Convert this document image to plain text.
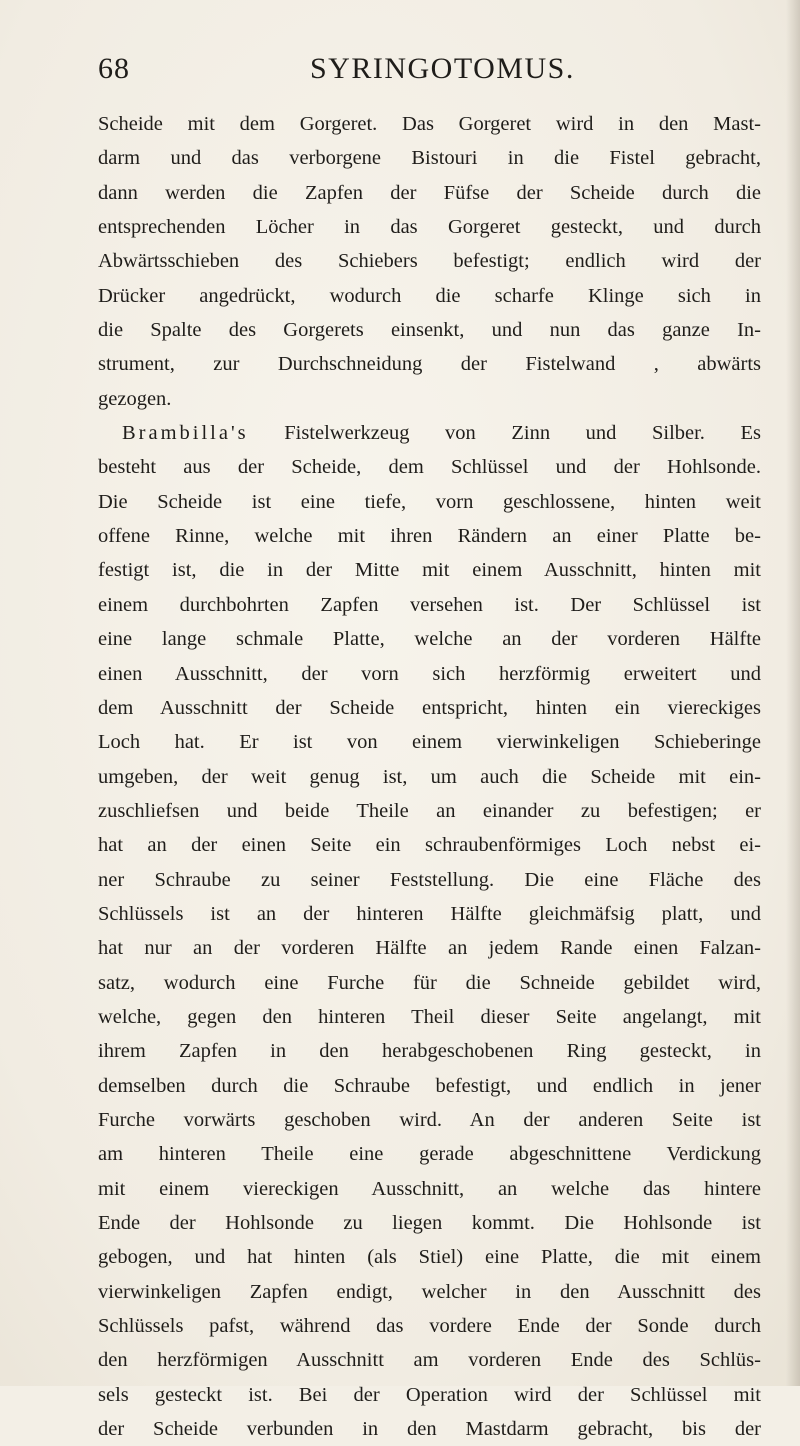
68	SYRINGOTOMUS.
Scheide mit dem Gorgeret. Das Gorgeret wird in den Mast-
darm und das verborgene Bistouri in die Fistel gebracht,
dann werden die Zapfen der Füfse der Scheide durch die
entsprechenden Löcher in das Gorgeret gesteckt, und durch
Abwärtsschieben des Schiebers befestigt; endlich wird der
Drücker angedrückt, wodurch die scharfe Klinge sich in
die Spalte des Gorgerets einsenkt, und nun das ganze In-
strument, zur Durchschneidung der Fistelwand , abwärts
gezogen.
Brambilla's Fistelwerkzeug von Zinn und Silber. Es
besteht aus der Scheide, dem Schlüssel und der Hohlsonde.
Die Scheide ist eine tiefe, vorn geschlossene, hinten weit
offene Rinne, welche mit ihren Rändern an einer Platte be-
festigt ist, die in der Mitte mit einem Ausschnitt, hinten mit
einem durchbohrten Zapfen versehen ist. Der Schlüssel ist
eine lange schmale Platte, welche an der vorderen Hälfte
einen Ausschnitt, der vorn sich herzförmig erweitert und
dem Ausschnitt der Scheide entspricht, hinten ein viereckiges
Loch hat. Er ist von einem vierwinkeligen Schieberinge
umgeben, der weit genug ist, um auch die Scheide mit ein-
zuschliefsen und beide Theile an einander zu befestigen; er
hat an der einen Seite ein schraubenförmiges Loch nebst ei-
ner Schraube zu seiner Feststellung. Die eine Fläche des
Schlüssels ist an der hinteren Hälfte gleichmäfsig platt, und
hat nur an der vorderen Hälfte an jedem Rande einen Falzan-
satz, wodurch eine Furche für die Schneide gebildet wird,
welche, gegen den hinteren Theil dieser Seite angelangt, mit
ihrem Zapfen in den herabgeschobenen Ring gesteckt, in
demselben durch die Schraube befestigt, und endlich in jener
Furche vorwärts geschoben wird. An der anderen Seite ist
am hinteren Theile eine gerade abgeschnittene Verdickung
mit einem viereckigen Ausschnitt, an welche das hintere
Ende der Hohlsonde zu liegen kommt. Die Hohlsonde ist
gebogen, und hat hinten (als Stiel) eine Platte, die mit einem
vierwinkeligen Zapfen endigt, welcher in den Ausschnitt des
Schlüssels pafst, während das vordere Ende der Sonde durch
den herzförmigen Ausschnitt am vorderen Ende des Schlüs-
sels gesteckt ist. Bei der Operation wird der Schlüssel mit
der Scheide verbunden in den Mastdarm gebracht, bis der
